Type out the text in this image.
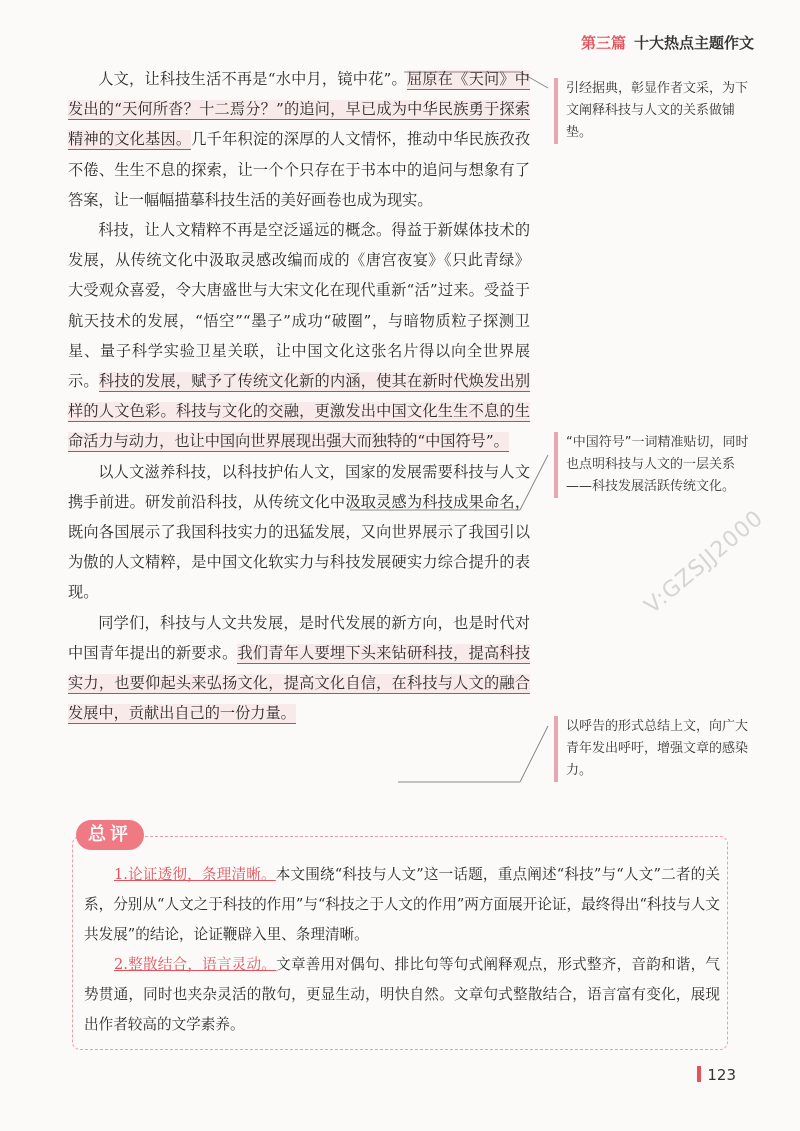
第三篇 十大热点主题作文

人文，让科技生活不再是“水中月，镜中花”。屈原在《天问》中发出的“天何所沓？十二焉分？”的追问，早已成为中华民族勇于探索精神的文化基因。几千年积淀的深厚的人文情怀，推动中华民族孜孜不倦、生生不息的探索，让一个个只存在于书本中的追问与想象有了答案，让一幅幅描摹科技生活的美好画卷也成为现实。

科技，让人文精粹不再是空泛遥远的概念。得益于新媒体技术的发展，从传统文化中汲取灵感改编而成的《唐宫夜宴》《只此青绿》大受观众喜爱，令大唐盛世与大宋文化在现代重新“活”过来。受益于航天技术的发展，“悟空”“墨子”成功“破圈”，与暗物质粒子探测卫星、量子科学实验卫星关联，让中国文化这张名片得以向全世界展示。科技的发展，赋予了传统文化新的内涵，使其在新时代焕发出别样的人文色彩。科技与文化的交融，更激发出中国文化生生不息的生命活力与动力，也让中国向世界展现出强大而独特的“中国符号”。

以人文滋养科技，以科技护佑人文，国家的发展需要科技与人文携手前进。研发前沿科技，从传统文化中汲取灵感为科技成果命名，既向各国展示了我国科技实力的迅猛发展，又向世界展示了我国引以为傲的人文精粹，是中国文化软实力与科技发展硬实力综合提升的表现。

同学们，科技与人文共发展，是时代发展的新方向，也是时代对中国青年提出的新要求。我们青年人要埋下头来钻研科技，提高科技实力，也要仰起头来弘扬文化，提高文化自信，在科技与人文的融合发展中，贡献出自己的一份力量。

引经据典，彰显作者文采，为下文阐释科技与人文的关系做铺垫。
“中国符号”一词精准贴切，同时也点明科技与人文的一层关系——科技发展活跃传统文化。
以呼告的形式总结上文，向广大青年发出呼吁，增强文章的感染力。
V:GZSJJ2000
总评
1.论证透彻，条理清晰。本文围绕“科技与人文”这一话题，重点阐述“科技”与“人文”二者的关系，分别从“人文之于科技的作用”与“科技之于人文的作用”两方面展开论证，最终得出“科技与人文共发展”的结论，论证鞭辟入里、条理清晰。
2.整散结合，语言灵动。文章善用对偶句、排比句等句式阐释观点，形式整齐，音韵和谐，气势贯通，同时也夹杂灵活的散句，更显生动，明快自然。文章句式整散结合，语言富有变化，展现出作者较高的文学素养。
123
